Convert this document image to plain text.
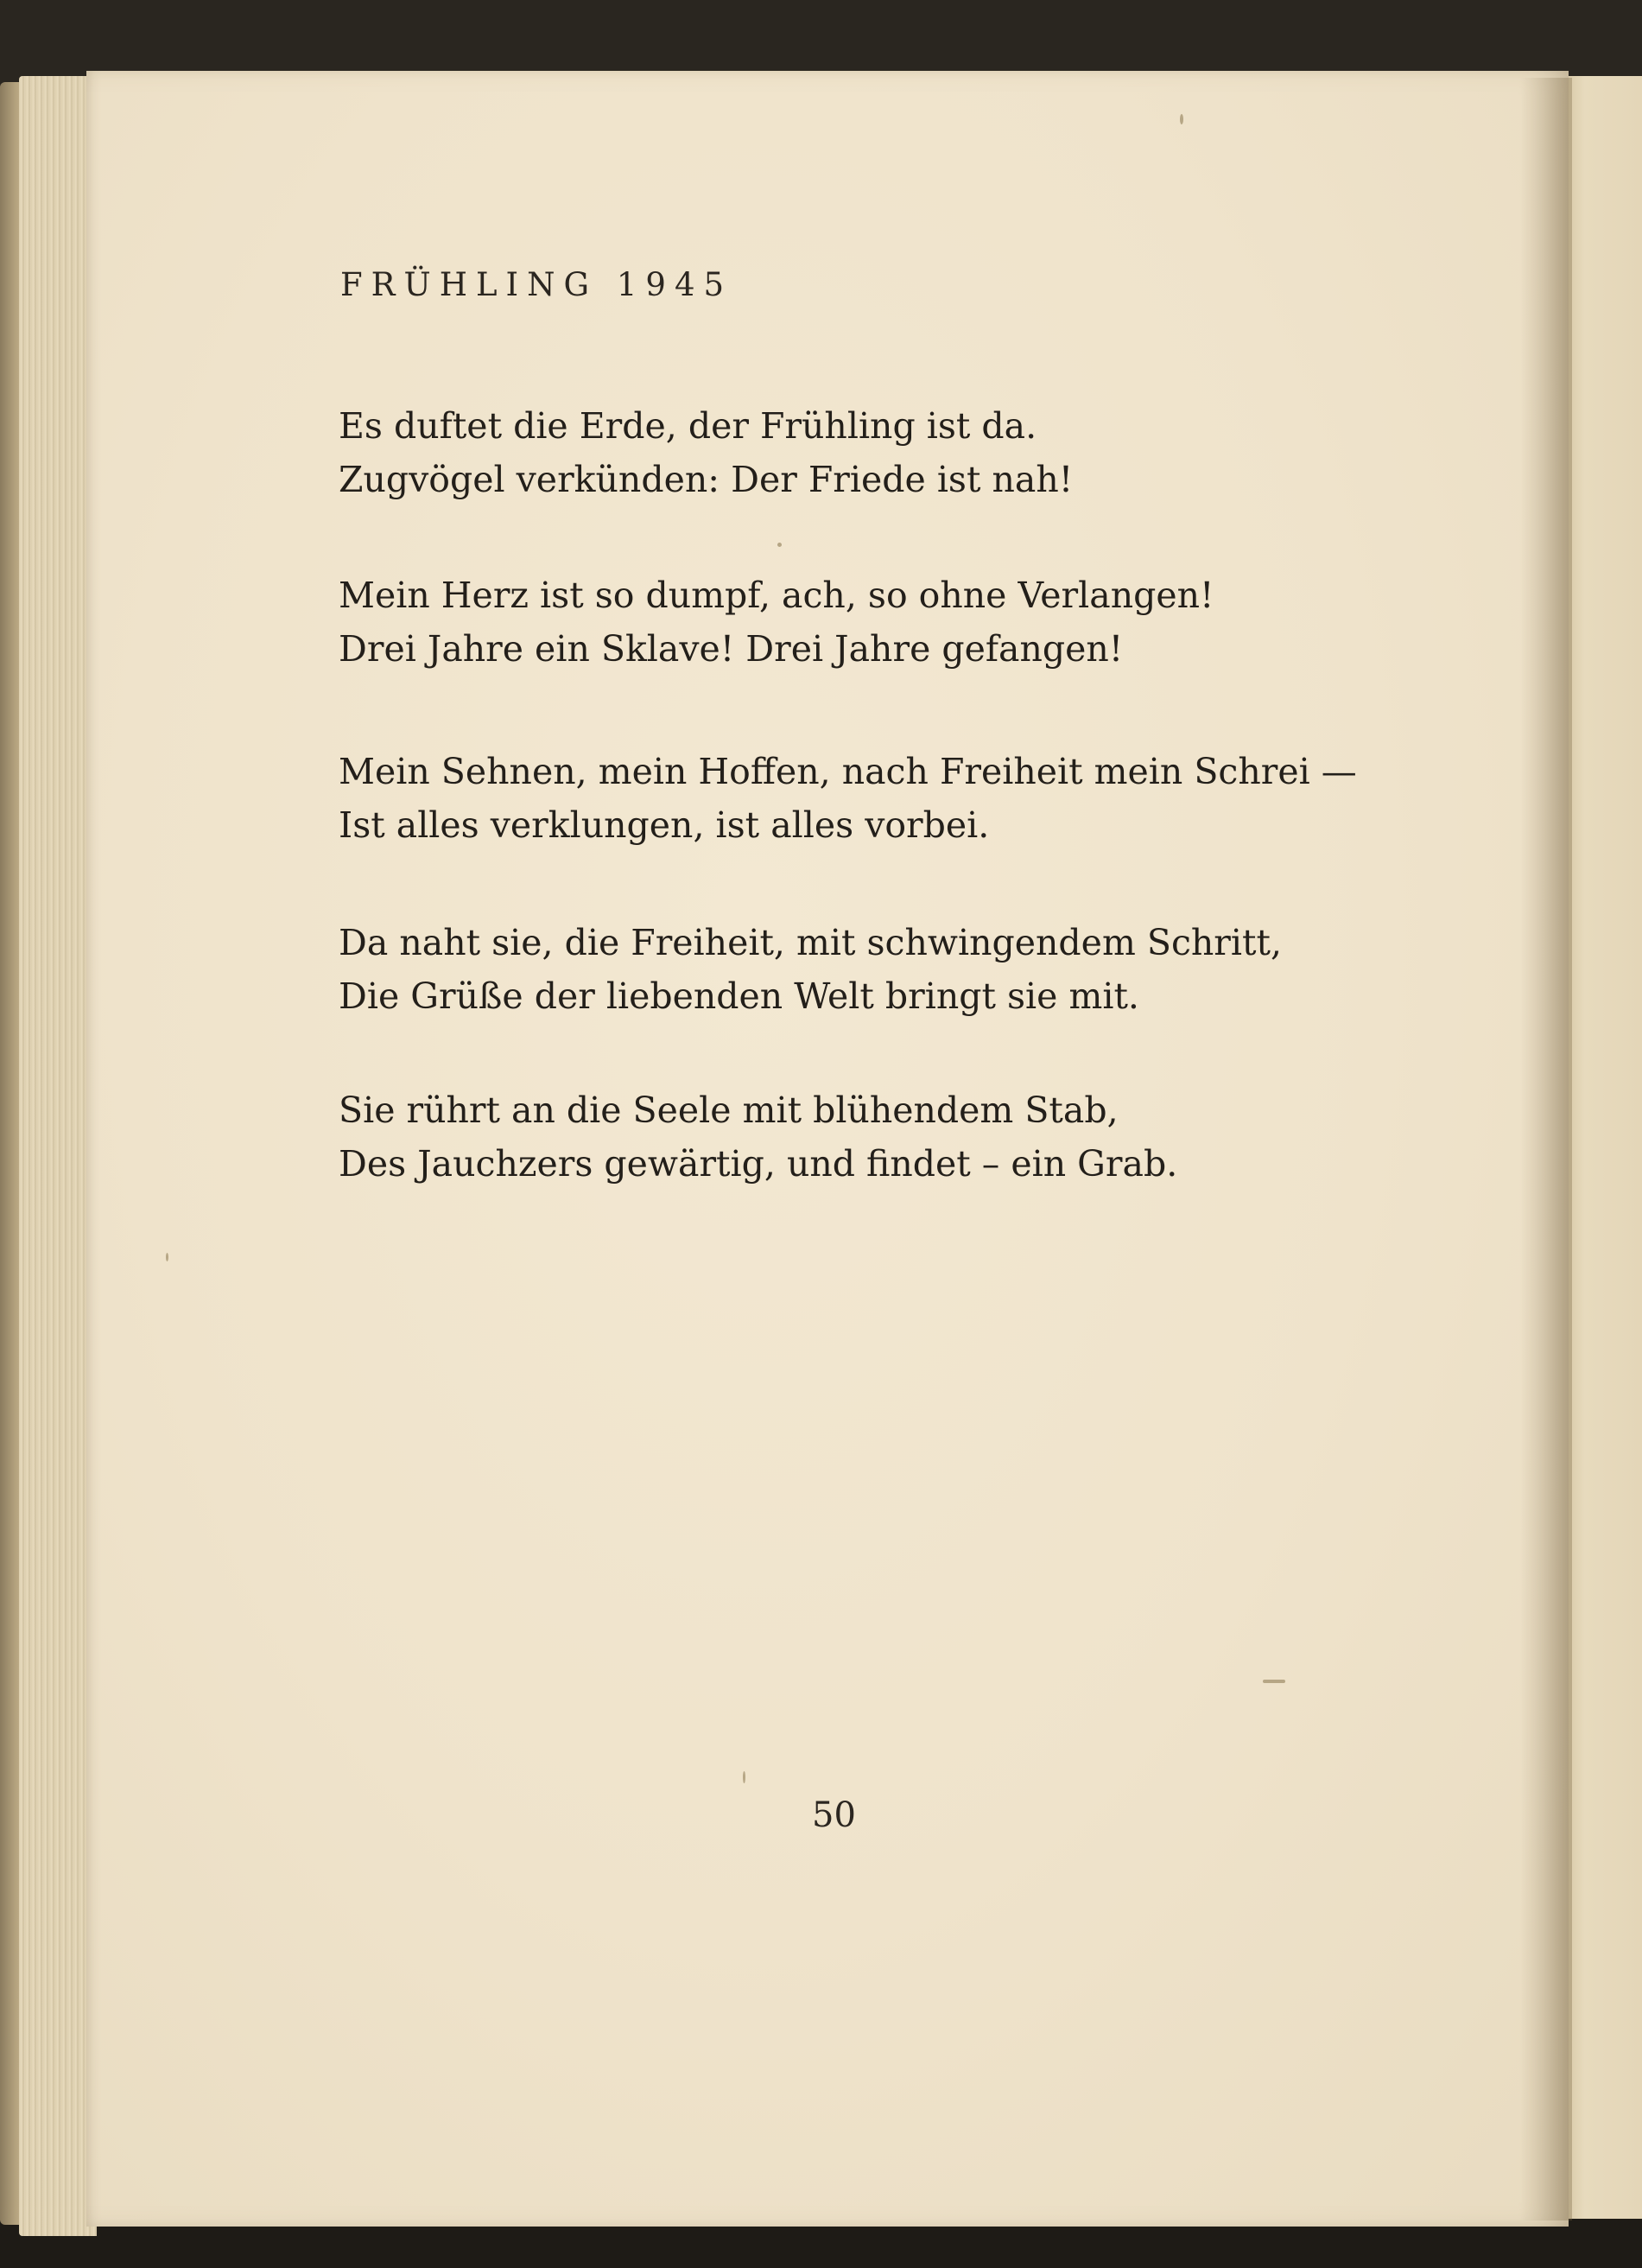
FRÜHLING 1945

Es duftet die Erde, der Frühling ist da.
Zugvögel verkünden: Der Friede ist nah!

Mein Herz ist so dumpf, ach, so ohne Verlangen!
Drei Jahre ein Sklave! Drei Jahre gefangen!

Mein Sehnen, mein Hoffen, nach Freiheit mein Schrei —
Ist alles verklungen, ist alles vorbei.

Da naht sie, die Freiheit, mit schwingendem Schritt,
Die Grüße der liebenden Welt bringt sie mit.

Sie rührt an die Seele mit blühendem Stab,
Des Jauchzers gewärtig, und findet – ein Grab.

50
